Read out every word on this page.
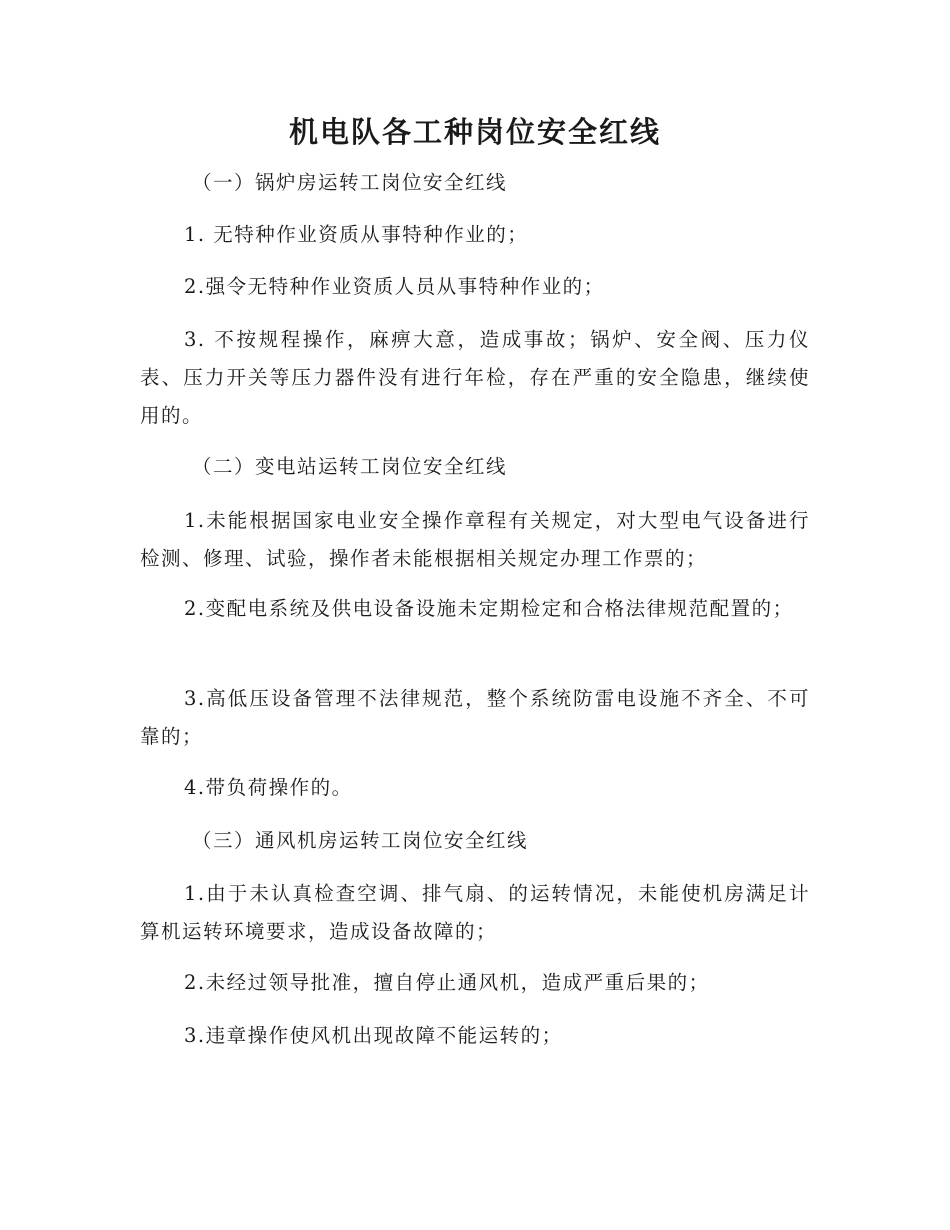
机电队各工种岗位安全红线

（一）锅炉房运转工岗位安全红线

1. 无特种作业资质从事特种作业的；

2.强令无特种作业资质人员从事特种作业的；

3. 不按规程操作，麻痹大意，造成事故；锅炉、安全阀、压力仪表、压力开关等压力器件没有进行年检，存在严重的安全隐患，继续使用的。

（二）变电站运转工岗位安全红线

1.未能根据国家电业安全操作章程有关规定，对大型电气设备进行检测、修理、试验，操作者未能根据相关规定办理工作票的；

2.变配电系统及供电设备设施未定期检定和合格法律规范配置的；

3.高低压设备管理不法律规范，整个系统防雷电设施不齐全、不可靠的；

4.带负荷操作的。

（三）通风机房运转工岗位安全红线

1.由于未认真检查空调、排气扇、的运转情况，未能使机房满足计算机运转环境要求，造成设备故障的；

2.未经过领导批准，擅自停止通风机，造成严重后果的；

3.违章操作使风机出现故障不能运转的；
